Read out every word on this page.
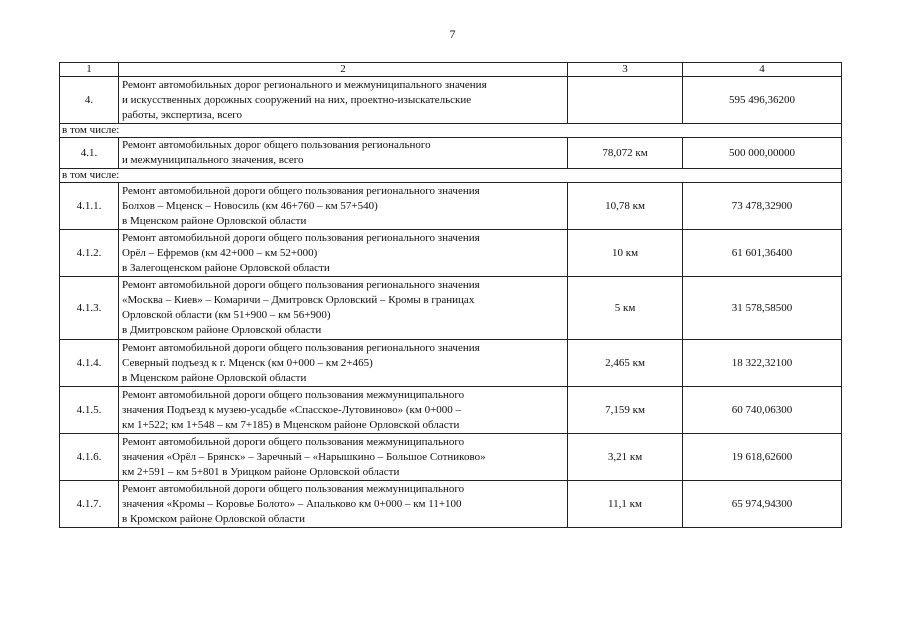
7
1	2	3	4
4.	Ремонт автомобильных дорог регионального и межмуниципального значения
и искусственных дорожных сооружений на них, проектно-изыскательские
работы, экспертиза, всего		595 496,36200
в том числе:			
4.1.	Ремонт автомобильных дорог общего пользования регионального
и межмуниципального значения, всего	78,072 км	500 000,00000
в том числе:			
4.1.1.	Ремонт автомобильной дороги общего пользования регионального значения
Болхов – Мценск – Новосиль (км 46+760 – км 57+540)
в Мценском районе Орловской области	10,78 км	73 478,32900
4.1.2.	Ремонт автомобильной дороги общего пользования регионального значения
Орёл – Ефремов (км 42+000 – км 52+000)
в Залегощенском районе Орловской области	10 км	61 601,36400
4.1.3.	Ремонт автомобильной дороги общего пользования регионального значения
«Москва – Киев» – Комаричи – Дмитровск Орловский – Кромы в границах
Орловской области (км 51+900 – км 56+900)
в Дмитровском районе Орловской области	5 км	31 578,58500
4.1.4.	Ремонт автомобильной дороги общего пользования регионального значения
Северный подъезд к г. Мценск (км 0+000 – км 2+465)
в Мценском районе Орловской области	2,465 км	18 322,32100
4.1.5.	Ремонт автомобильной дороги общего пользования межмуниципального
значения Подъезд к музею-усадьбе «Спасское-Лутовиново» (км 0+000 –
км 1+522; км 1+548 – км 7+185) в Мценском районе Орловской области	7,159 км	60 740,06300
4.1.6.	Ремонт автомобильной дороги общего пользования межмуниципального
значения «Орёл – Брянск» – Заречный – «Нарышкино – Большое Сотниково»
км 2+591 – км 5+801 в Урицком районе Орловской области	3,21 км	19 618,62600
4.1.7.	Ремонт автомобильной дороги общего пользования межмуниципального
значения «Кромы – Коровье Болото» – Апальково км 0+000 – км 11+100
в Кромском районе Орловской области	11,1 км	65 974,94300
